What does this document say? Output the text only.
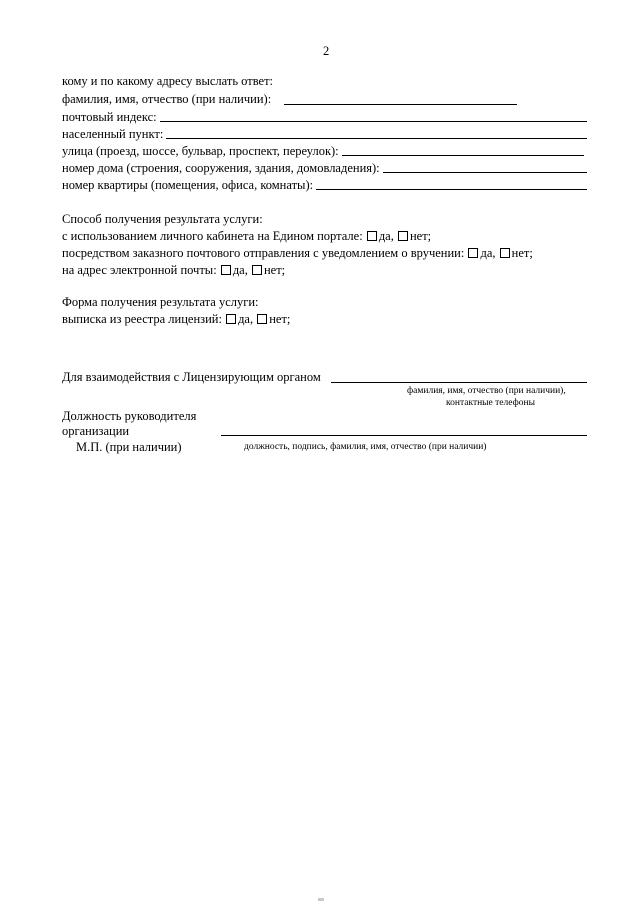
2
кому и по какому адресу выслать ответ:
фамилия, имя, отчество (при наличии):
почтовый индекс:
населенный пункт:
улица (проезд, шоссе, бульвар, проспект, переулок):
номер дома (строения, сооружения, здания, домовладения):
номер квартиры (помещения, офиса, комнаты):
Способ получения результата услуги:
с использованием личного кабинета на Едином портале: да, нет;
посредством заказного почтового отправления с уведомлением о вручении: да, нет;
на адрес электронной почты: да, нет;
Форма получения результата услуги:
выписка из реестра лицензий: да, нет;
Для взаимодействия с Лицензирующим органом
фамилия, имя, отчество (при наличии),
контактные телефоны
Должность руководителя
организации
М.П. (при наличии)	должность, подпись, фамилия, имя, отчество (при наличии)
